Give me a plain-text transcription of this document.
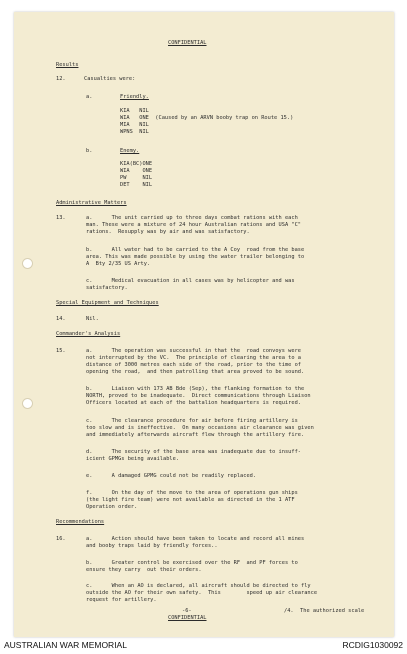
CONFIDENTIAL
Results
12.	Casualties were:
a.	Friendly.
KIA   NIL
WIA   ONE  (Caused by an ARVN booby trap on Route 15.)
MIA   NIL
WPNS  NIL
b.	Enemy.
KIA(BC)ONE
WIA    ONE
PW     NIL
DET    NIL
Administrative Matters
13.	a.      The unit carried up to three days combat rations with each
man. These were a mixture of 24 hour Australian rations and USA "C"
rations.  Resupply was by air and was satisfactory.
b.      All water had to be carried to the A Coy  road from the base
area. This was made possible by using the water trailer belonging to
A  Bty 2/35 US Arty.
c.      Medical evacuation in all cases was by helicopter and was
satisfactory.
Special Equipment and Techniques
14.	Nil.
Commander's Analysis
15.	a.      The operation was successful in that the  road convoys were
not interrupted by the VC.  The principle of clearing the area to a
distance of 3000 metres each side of the road, prior to the time of
opening the road,  and then patrolling that area proved to be sound.
b.      Liaison with 173 AB Bde (Sep), the flanking formation to the
NORTH, proved to be inadequate.  Direct communications through Liaison
Officers located at each of the battalion headquarters is required.
c.      The clearance procedure for air before firing artillery is
too slow and is ineffective.  On many occasions air clearance was given
and immediately afterwards aircraft flew through the artillery fire.
d.      The security of the base area was inadequate due to insuff-
icient GPMGs being available.
e.      A damaged GPMG could not be readily replaced.
f.      On the day of the move to the area of operations gun ships
(the light fire team) were not available as directed in the 1 ATF
Operation order.
Recommendations
16.	a.      Action should have been taken to locate and record all mines
and booby traps laid by friendly forces..
b.      Greater control be exercised over the RF  and PF forces to
ensure they carry  out their orders.
c.      When an AO is declared, all aircraft should be directed to fly
outside the AO for their own safety.  This        speed up air clearance
request for artillery.
-6-
CONFIDENTIAL
/4.  The authorized scale
AUSTRALIAN WAR MEMORIAL	RCDIG1030092
